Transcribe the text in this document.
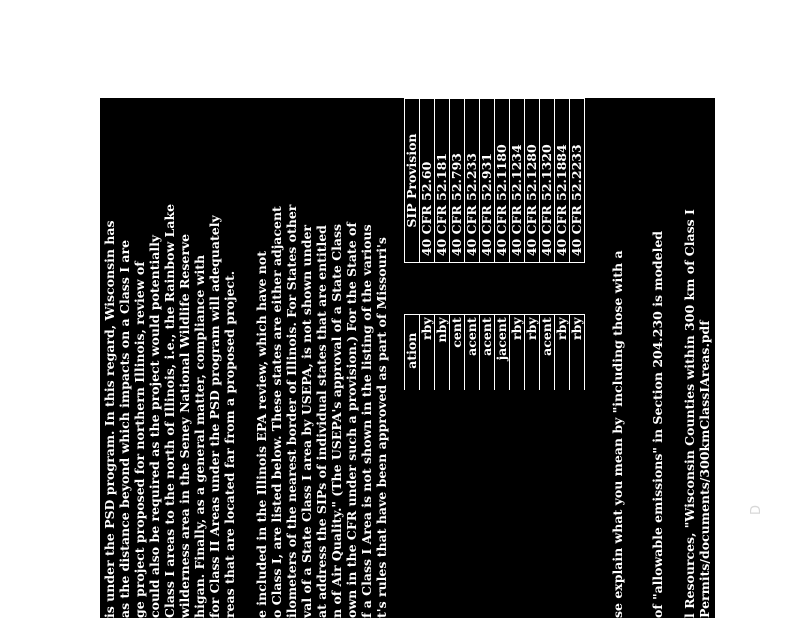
is under the PSD program. In this regard, Wisconsin has as the distance beyond which impacts on a Class I are ge project proposed for northern Illinois, review of could also be required as the project would potentially Class I areas to the north of Illinois, i.e., the Rainbow Lake wilderness area in the Seney National Wildlife Reserve higan. Finally, as a general matter, compliance with for Class II Areas under the PSD program will adequately reas that are located far from a proposed project. e included in the Illinois EPA review, which have not o Class I, are listed below. These states are either adjacent ilometers of the nearest border of Illinois. For States other val of a State Class I area by USEPA, is not shown under at address the SIPs of individual states that are entitled n of Air Quality." (The USEPA's approval of a State Class own in the CFR under such a provision.) For the State of f a Class I Area is not shown in the listing of the various t's rules that have been approved as part of Missouri's ation		SIP Provision
rby		40 CFR 52.60
nby		40 CFR 52.181
cent		40 CFR 52.793
acent		40 CFR 52.233
acent		40 CFR 52.931
jacent		40 CFR 52.1180
rby		40 CFR 52.1234
rby		40 CFR 52.1280
acent		40 CFR 52.1320
rby		40 CFR 52.1884
rby		40 CFR 52.2233
se explain what you mean by "including those with a of "allowable emissions" in Section 204.230 is modeled l Resources, "Wisconsin Counties within 300 km of Class I Permits/documents/300kmClassIAreas.pdf	D
